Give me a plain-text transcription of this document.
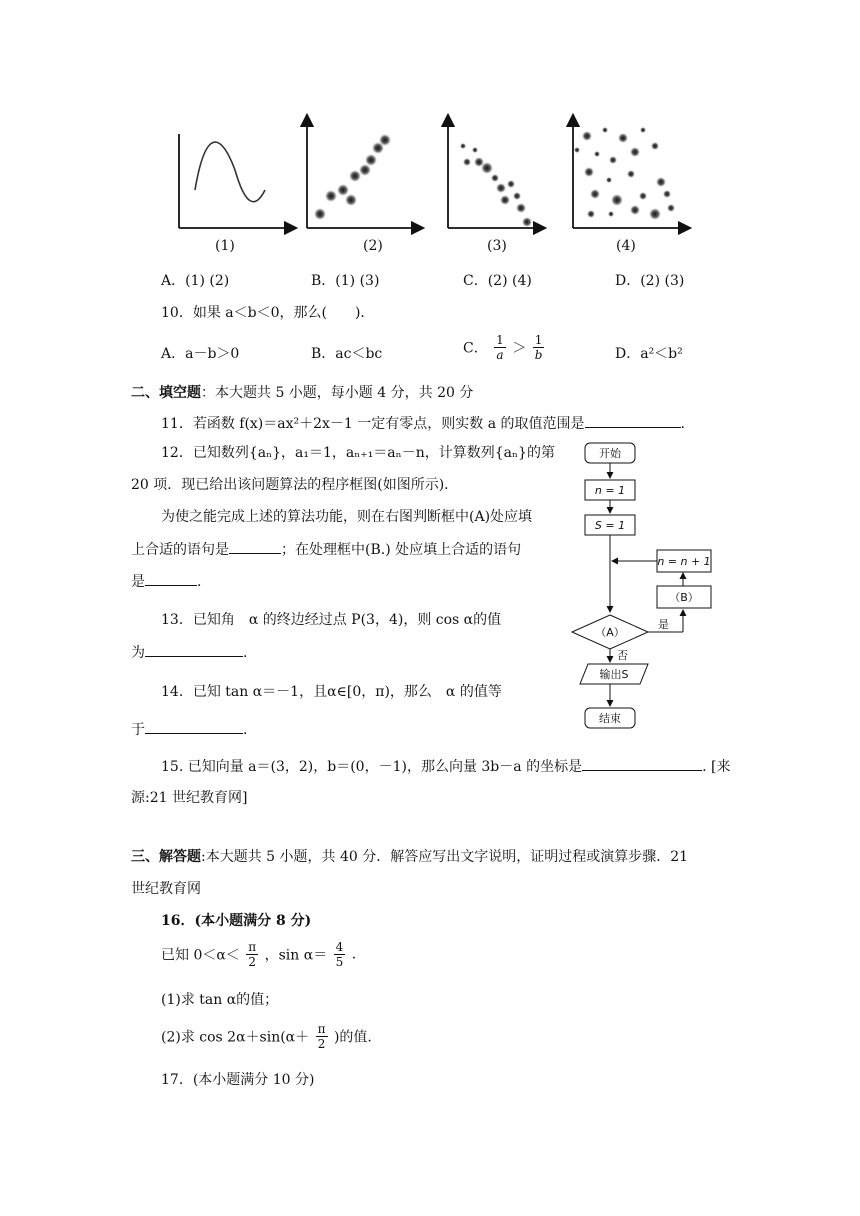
(1)	(2)	(3)	(4)
A．(1) (2)	B．(1) (3)	C．(2) (4)	D．(2) (3)
10．如果 a＜b＜0，那么(　　)．
A．a－b＞0	B．ac＜bc	C． $\frac{1}{a} > \frac{1}{b}$	D．a²＜b²
二、填空题：本大题共 5 小题，每小题 4 分，共 20 分
11．若函数 f(x)＝ax²＋2x－1 一定有零点，则实数 a 的取值范围是	.
12．已知数列{aₙ}，a₁＝1，aₙ₊₁＝aₙ－n，计算数列{aₙ}的第
20 项．现已给出该问题算法的程序框图(如图所示)．
为使之能完成上述的算法功能，则在右图判断框中(A)处应填
上合适的语句是	；在处理框中(B.) 处应填上合适的语句
是	.
13．已知角　α 的终边经过点 P(3，4)，则 cos α的值
为	.
14．已知 tan α＝－1，且α∈[0，π)，那么　α 的值等
于	.
15. 已知向量 a＝(3，2)，b＝(0，－1)，那么向量 3b－a 的坐标是	. [来
源:21 世纪教育网]
三、解答题:本大题共 5 小题，共 40 分．解答应写出文字说明，证明过程或演算步骤．21
世纪教育网
16．(本小题满分 8 分)
已知 $0<\alpha< \frac{\pi}{2}$ ，$\sin \alpha= \frac{4}{5}$ .
(1)求 tan α的值；
(2)求 $\cos 2\alpha+\sin(\alpha+ \frac{\pi}{2}$ )的值.
17．(本小题满分 10 分)
开始
n = 1
S = 1
n = n + 1
（B）
（A）
是
否
输出S
结束
